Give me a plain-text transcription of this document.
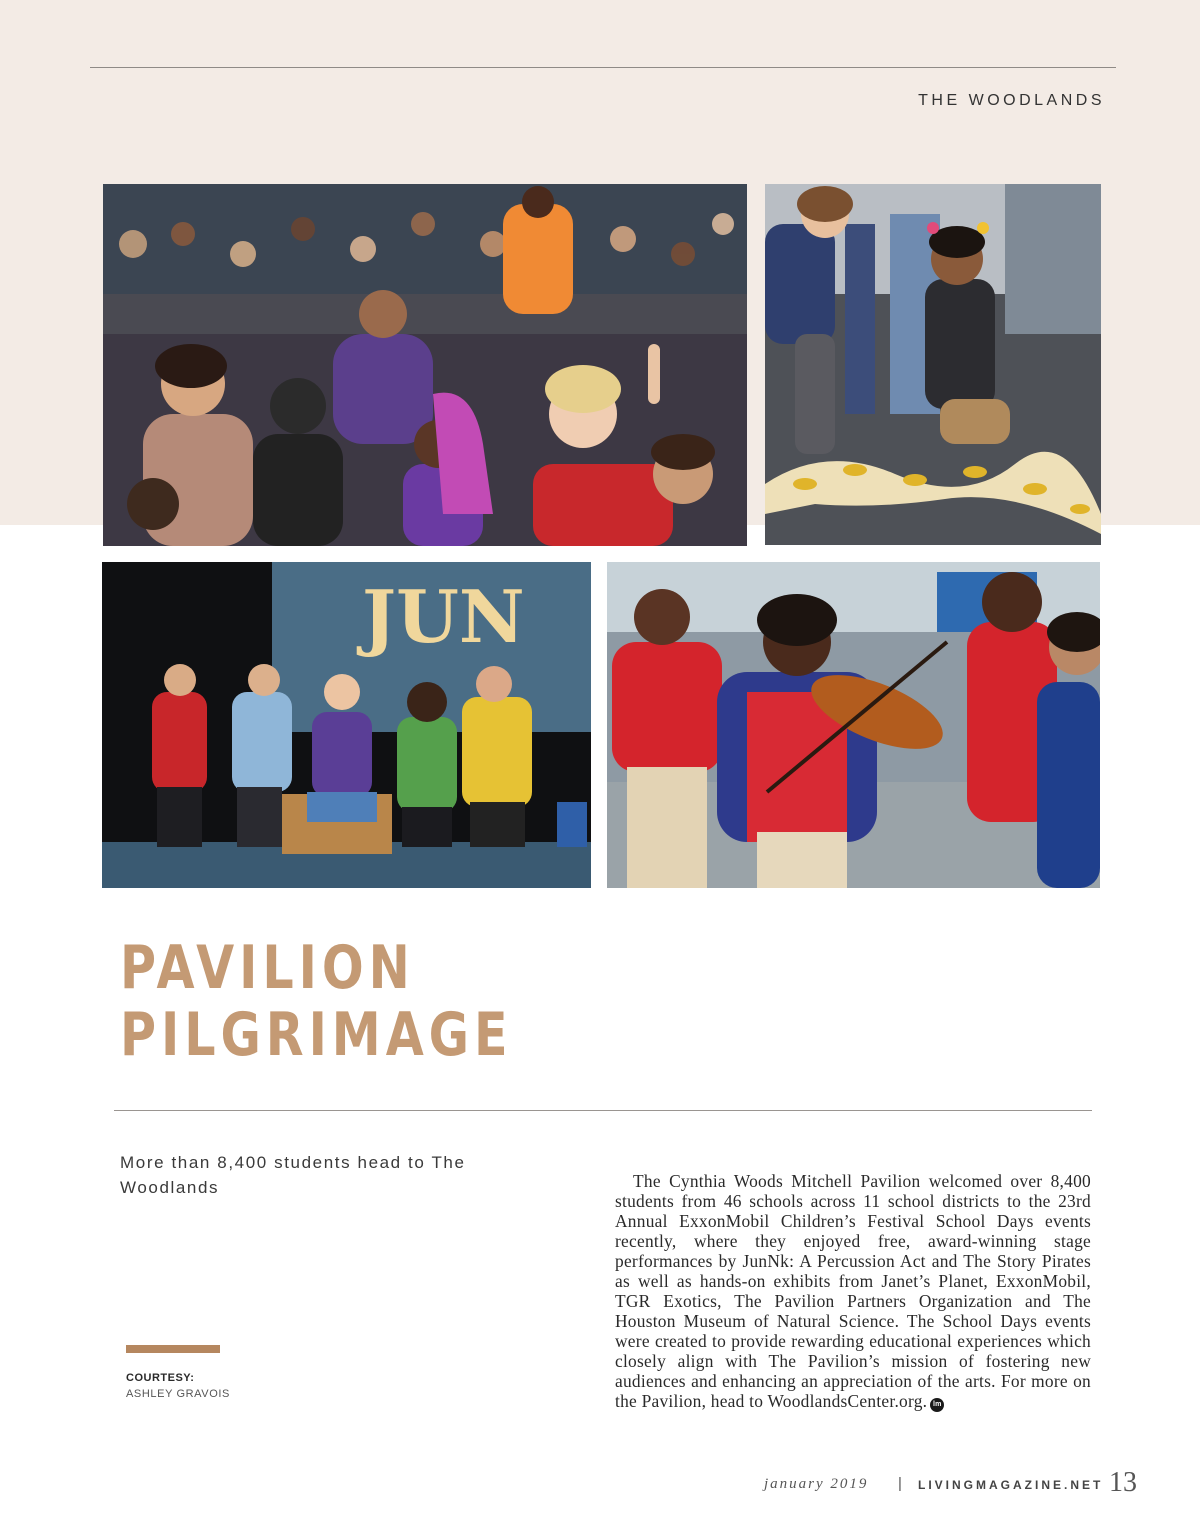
THE WOODLANDS
JUN
PAVILION
PILGRIMAGE
More than 8,400 students head to The Woodlands
COURTESY:
ASHLEY GRAVOIS
The Cynthia Woods Mitchell Pavilion welcomed over 8,400 students from 46 schools across 11 school districts to the 23rd Annual ExxonMobil Children’s Festival School Days events recently, where they enjoyed free, award-winning stage performances by JunNk: A Percussion Act and The Story Pirates as well as hands-on exhibits from Janet’s Planet, ExxonMobil, TGR Exotics, The Pavilion Partners Organization and The Houston Museum of Natural Science. The School Days events were created to provide rewarding educational experiences which closely align with The Pavilion’s mission of fostering new audiences and enhancing an appreciation of the arts. For more on the Pavilion, head to WoodlandsCenter.org. lm
january 2019 | LIVINGMAGAZINE.NET 13
